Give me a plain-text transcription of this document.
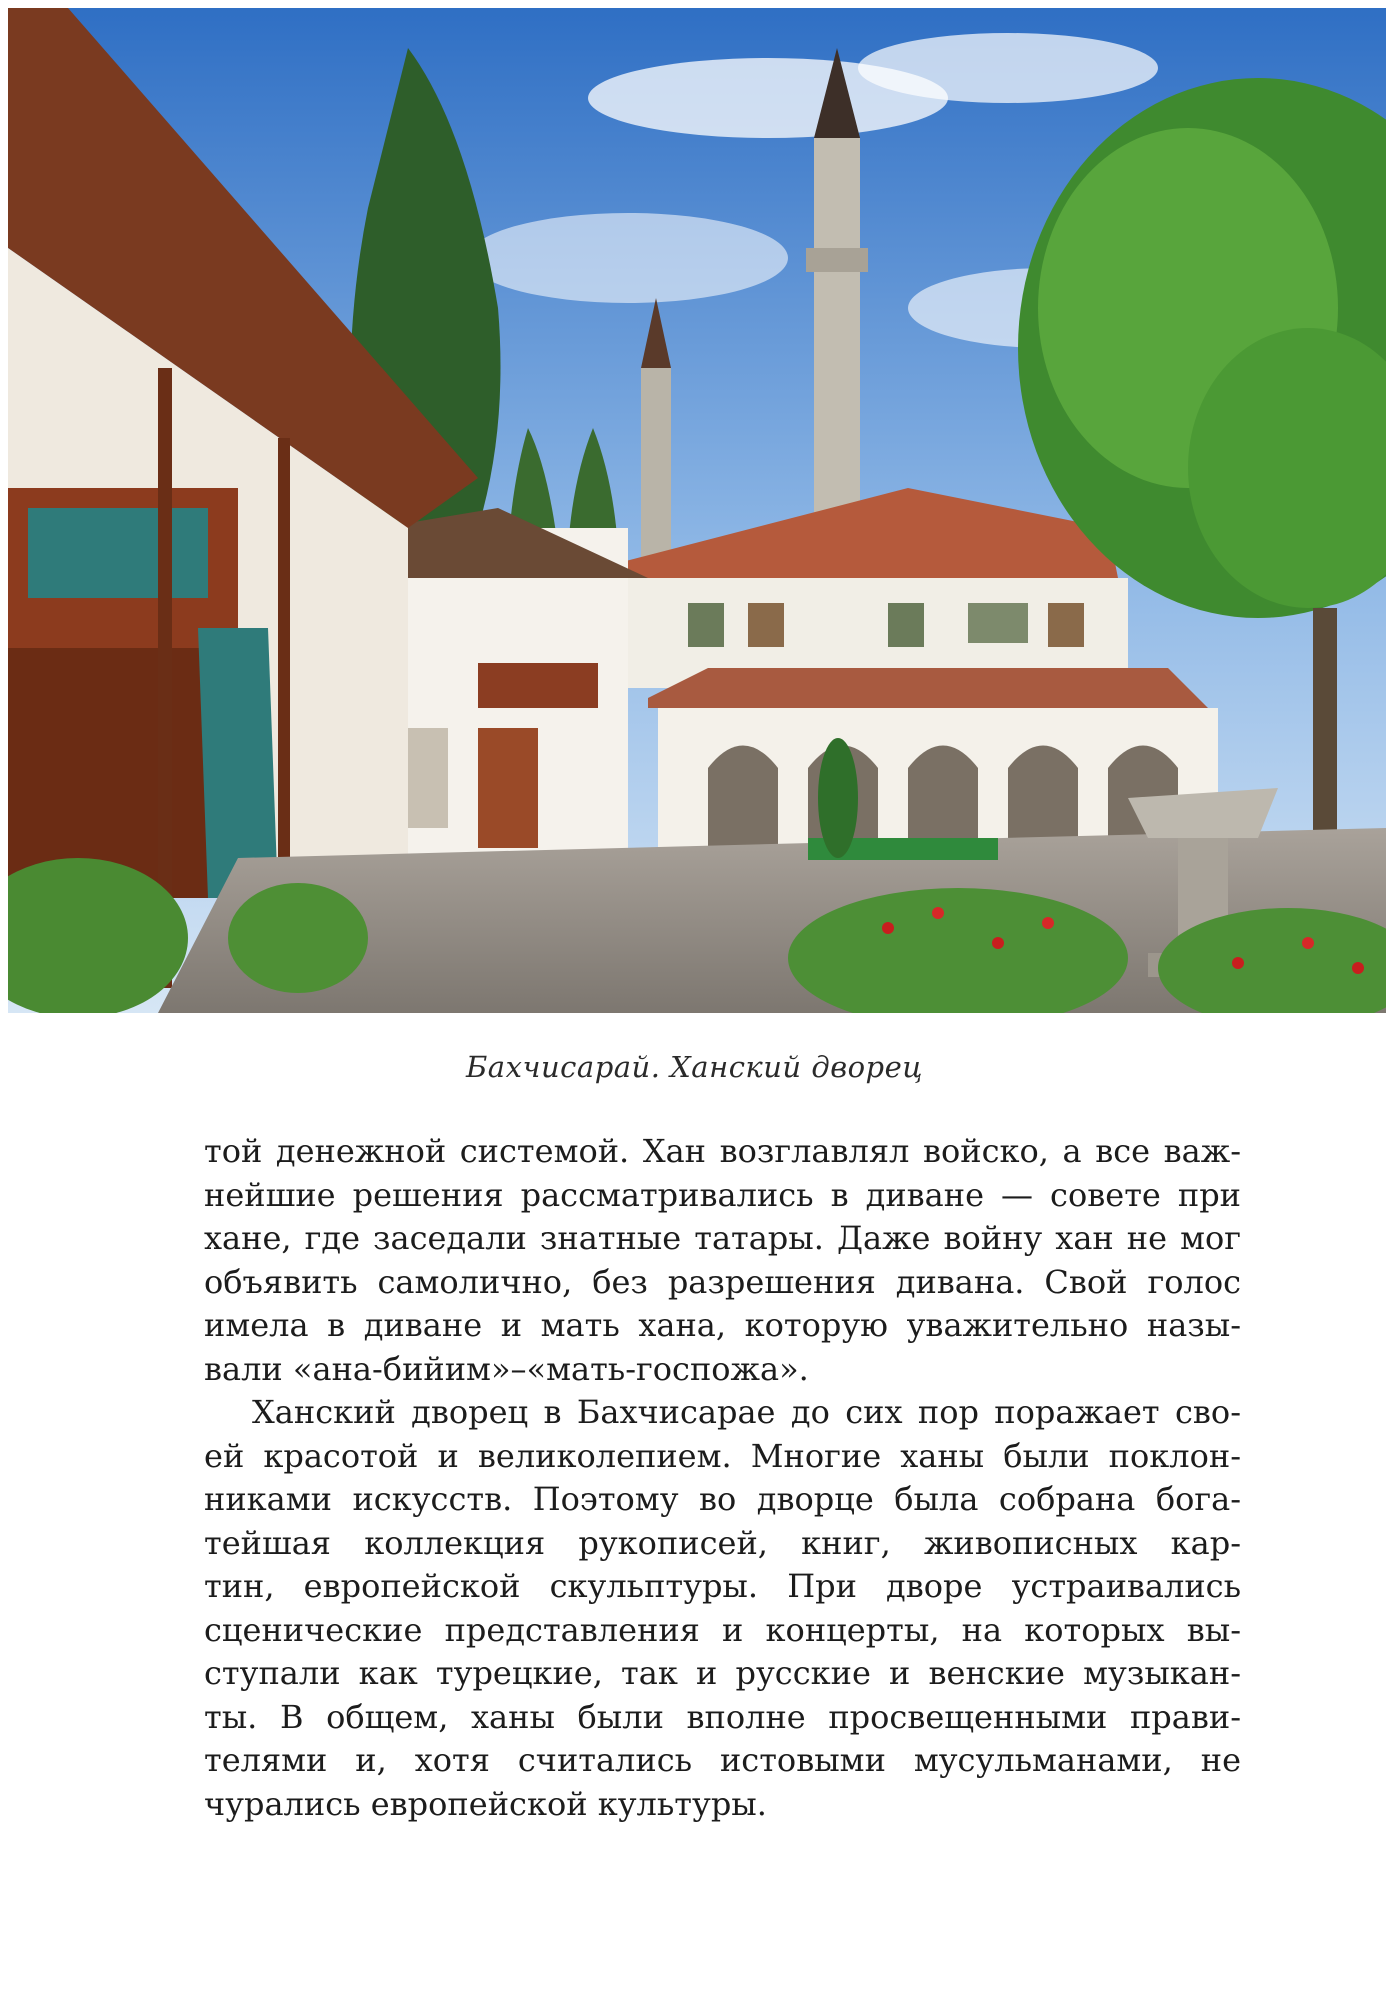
Бахчисарай. Ханский дворец
той денежной системой. Хан возглавлял войско, а все важ-
нейшие решения рассматривались в диване — совете при
хане, где заседали знатные татары. Даже войну хан не мог
объявить самолично, без разрешения дивана. Свой голос
имела в диване и мать хана, которую уважительно назы-
вали «ана-бийим»–«мать-госпожа».
Ханский дворец в Бахчисарае до сих пор поражает сво-
ей красотой и великолепием. Многие ханы были поклон-
никами искусств. Поэтому во дворце была собрана бога-
тейшая коллекция рукописей, книг, живописных кар-
тин, европейской скульптуры. При дворе устраивались
сценические представления и концерты, на которых вы-
ступали как турецкие, так и русские и венские музыкан-
ты. В общем, ханы были вполне просвещенными прави-
телями и, хотя считались истовыми мусульманами, не
чурались европейской культуры.
